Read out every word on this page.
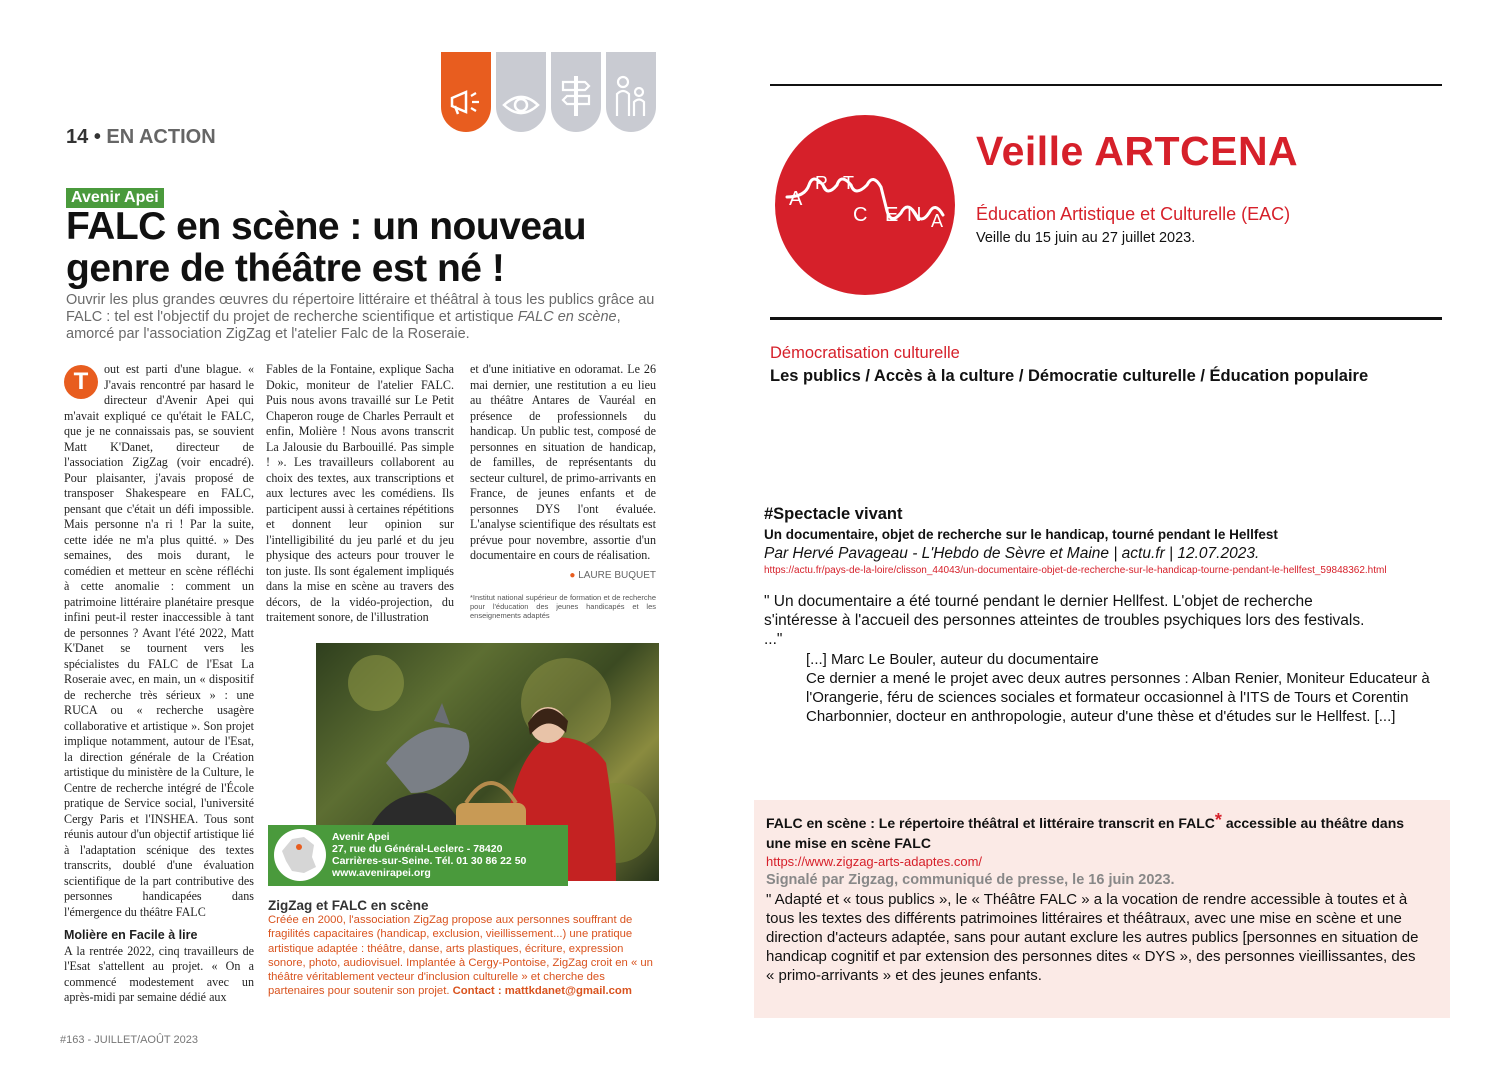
14 • EN ACTION
Avenir Apei
FALC en scène : un nouveau genre de théâtre est né !
Ouvrir les plus grandes œuvres du répertoire littéraire et théâtral à tous les publics grâce au FALC : tel est l'objectif du projet de recherche scientifique et artistique FALC en scène, amorcé par l'association ZigZag et l'atelier Falc de la Roseraie.
T	out est parti d'une blague. « J'avais rencontré par hasard le directeur d'Avenir Apei qui m'avait expliqué ce qu'était le FALC, que je ne connaissais pas, se souvient Matt K'Danet, directeur de l'association ZigZag (voir encadré). Pour plaisanter, j'avais proposé de transposer Shakespeare en FALC, pensant que c'était un défi impossible. Mais personne n'a ri ! Par la suite, cette idée ne m'a plus quitté. » Des semaines, des mois durant, le comédien et metteur en scène réfléchi à cette anomalie : comment un patrimoine littéraire planétaire presque infini peut-il rester inaccessible à tant de personnes ? Avant l'été 2022, Matt K'Danet se tournent vers les spécialistes du FALC de l'Esat La Roseraie avec, en main, un « dispositif de recherche très sérieux » : une RUCA ou « recherche usagère collaborative et artistique ». Son projet implique notamment, autour de l'Esat, la direction générale de la Création artistique du ministère de la Culture, le Centre de recherche intégré de l'École pratique de Service social, l'université Cergy Paris et l'INSHEA. Tous sont réunis autour d'un objectif artistique lié à l'adaptation scénique des textes transcrits, doublé d'une évaluation scientifique de la part contributive des personnes handicapées dans l'émergence du théâtre FALC
Molière en Facile à lire
A la rentrée 2022, cinq travailleurs de l'Esat s'attellent au projet. « On a commencé modestement avec un après-midi par semaine dédié aux
Fables de la Fontaine, explique Sacha Dokic, moniteur de l'atelier FALC. Puis nous avons travaillé sur Le Petit Chaperon rouge de Charles Perrault et enfin, Molière ! Nous avons transcrit La Jalousie du Barbouillé. Pas simple ! ». Les travailleurs collaborent au choix des textes, aux transcriptions et aux lectures avec les comédiens. Ils participent aussi à certaines répétitions et donnent leur opinion sur l'intelligibilité du jeu parlé et du jeu physique des acteurs pour trouver le ton juste. Ils sont également impliqués dans la mise en scène au travers des décors, de la vidéo-projection, du traitement sonore, de l'illustration
et d'une initiative en odoramat. Le 26 mai dernier, une restitution a eu lieu au théâtre Antares de Vauréal en présence de professionnels du handicap. Un public test, composé de personnes en situation de handicap, de familles, de représentants du secteur culturel, de primo-arrivants en France, de jeunes enfants et de personnes DYS l'ont évaluée. L'analyse scientifique des résultats est prévue pour novembre, assortie d'un documentaire en cours de réalisation.
● LAURE BUQUET
*Institut national supérieur de formation et de recherche pour l'éducation des jeunes handicapés et les enseignements adaptés
Avenir Apei
27, rue du Général-Leclerc - 78420
Carrières-sur-Seine. Tél. 01 30 86 22 50
www.avenirapei.org
ZigZag et FALC en scène
Créée en 2000, l'association ZigZag propose aux personnes souffrant de fragilités capacitaires (handicap, exclusion, vieillissement...) une pratique artistique adaptée : théâtre, danse, arts plastiques, écriture, expression sonore, photo, audiovisuel. Implantée à Cergy-Pontoise, ZigZag croit en « un théâtre véritablement vecteur d'inclusion culturelle » et cherche des partenaires pour soutenir son projet. Contact : mattkdanet@gmail.com
#163 - JUILLET/AOÛT 2023
A
R T
C E N A
Veille ARTCENA
Éducation Artistique et Culturelle (EAC)
Veille du 15 juin au 27 juillet 2023.
Démocratisation culturelle
Les publics / Accès à la culture / Démocratie culturelle / Éducation populaire
#Spectacle vivant
Un documentaire, objet de recherche sur le handicap, tourné pendant le Hellfest
Par Hervé Pavageau - L'Hebdo de Sèvre et Maine | actu.fr | 12.07.2023.
https://actu.fr/pays-de-la-loire/clisson_44043/un-documentaire-objet-de-recherche-sur-le-handicap-tourne-pendant-le-hellfest_59848362.html
" Un documentaire a été tourné pendant le dernier Hellfest. L'objet de recherche s'intéresse à l'accueil des personnes atteintes de troubles psychiques lors des festivals. ..."
[...] Marc Le Bouler, auteur du documentaire
Ce dernier a mené le projet avec deux autres personnes : Alban Renier, Moniteur Educateur à l'Orangerie, féru de sciences sociales et formateur occasionnel à l'ITS de Tours et Corentin Charbonnier, docteur en anthropologie, auteur d'une thèse et d'études sur le Hellfest. [...]
FALC en scène : Le répertoire théâtral et littéraire transcrit en FALC* accessible au théâtre dans une mise en scène FALC
https://www.zigzag-arts-adaptes.com/
Signalé par Zigzag, communiqué de presse, le 16 juin 2023.
" Adapté et « tous publics », le « Théâtre FALC » a la vocation de rendre accessible à toutes et à tous les textes des différents patrimoines littéraires et théâtraux, avec une mise en scène et une direction d'acteurs adaptée, sans pour autant exclure les autres publics [personnes en situation de handicap cognitif et par extension des personnes dites « DYS », des personnes vieillissantes, des « primo-arrivants » et des jeunes enfants.
